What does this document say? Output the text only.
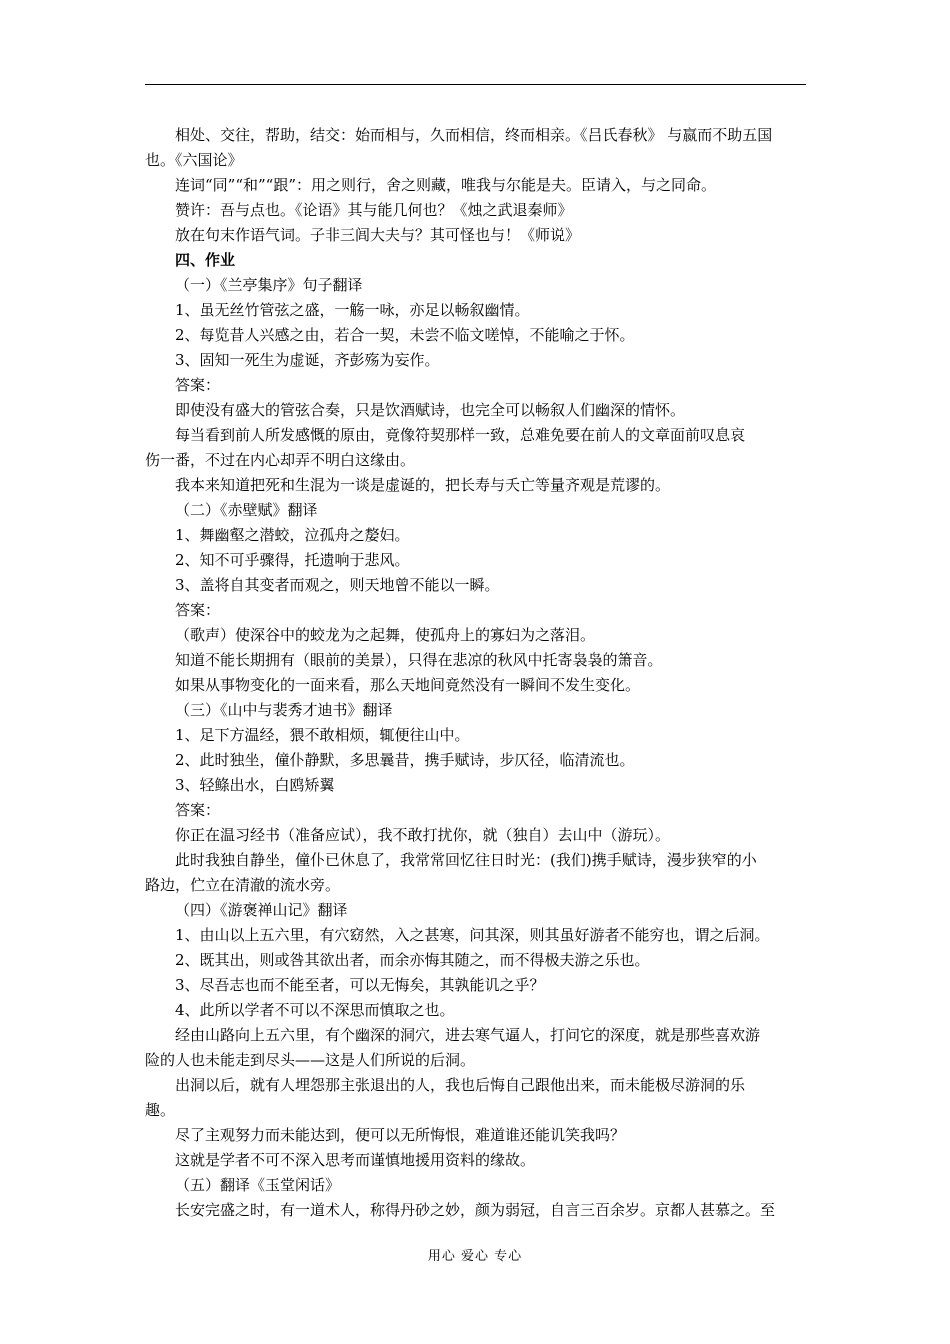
相处、交往，帮助，结交：始而相与，久而相信，终而相亲。《吕氏春秋》 与嬴而不助五国
也。《六国论》
连词“同”“和”“跟”：用之则行，舍之则藏，唯我与尔能是夫。臣请入，与之同命。
赞许：吾与点也。《论语》其与能几何也？《烛之武退秦师》
放在句末作语气词。子非三闾大夫与？其可怪也与！《师说》
四、作业
（一）《兰亭集序》句子翻译
1、虽无丝竹管弦之盛，一觞一咏，亦足以畅叙幽情。
2、每览昔人兴感之由，若合一契，未尝不临文嗟悼，不能喻之于怀。
3、固知一死生为虚诞，齐彭殇为妄作。
答案：
即使没有盛大的管弦合奏，只是饮酒赋诗，也完全可以畅叙人们幽深的情怀。
每当看到前人所发感慨的原由，竟像符契那样一致，总难免要在前人的文章面前叹息哀
伤一番，不过在内心却弄不明白这缘由。
我本来知道把死和生混为一谈是虚诞的，把长寿与夭亡等量齐观是荒谬的。
（二）《赤壁赋》翻译
1、舞幽壑之潜蛟，泣孤舟之嫠妇。
2、知不可乎骤得，托遗响于悲风。
3、盖将自其变者而观之，则天地曾不能以一瞬。
答案：
（歌声）使深谷中的蛟龙为之起舞，使孤舟上的寡妇为之落泪。
知道不能长期拥有（眼前的美景），只得在悲凉的秋风中托寄袅袅的箫音。
如果从事物变化的一面来看，那么天地间竟然没有一瞬间不发生变化。
（三）《山中与裴秀才迪书》翻译
1、足下方温经，猥不敢相烦，辄便往山中。
2、此时独坐，僮仆静默，多思曩昔，携手赋诗，步仄径，临清流也。
3、轻鲦出水，白鸥矫翼
答案：
你正在温习经书（准备应试），我不敢打扰你，就（独自）去山中（游玩）。
此时我独自静坐，僮仆已休息了，我常常回忆往日时光：(我们)携手赋诗，漫步狭窄的小
路边，伫立在清澈的流水旁。
（四）《游褒禅山记》翻译
1、由山以上五六里，有穴窈然，入之甚寒，问其深，则其虽好游者不能穷也，谓之后洞。
2、既其出，则或咎其欲出者，而余亦悔其随之，而不得极夫游之乐也。
3、尽吾志也而不能至者，可以无悔矣，其孰能讥之乎？
4、此所以学者不可以不深思而慎取之也。
经由山路向上五六里，有个幽深的洞穴，进去寒气逼人，打问它的深度，就是那些喜欢游
险的人也未能走到尽头——这是人们所说的后洞。
出洞以后，就有人埋怨那主张退出的人，我也后悔自己跟他出来，而未能极尽游洞的乐
趣。
尽了主观努力而未能达到，便可以无所悔恨，难道谁还能讥笑我吗？
这就是学者不可不深入思考而谨慎地援用资料的缘故。
（五）翻译《玉堂闲话》
长安完盛之时，有一道术人，称得丹砂之妙，颜为弱冠，自言三百余岁。京都人甚慕之。至
用心 爱心 专心
